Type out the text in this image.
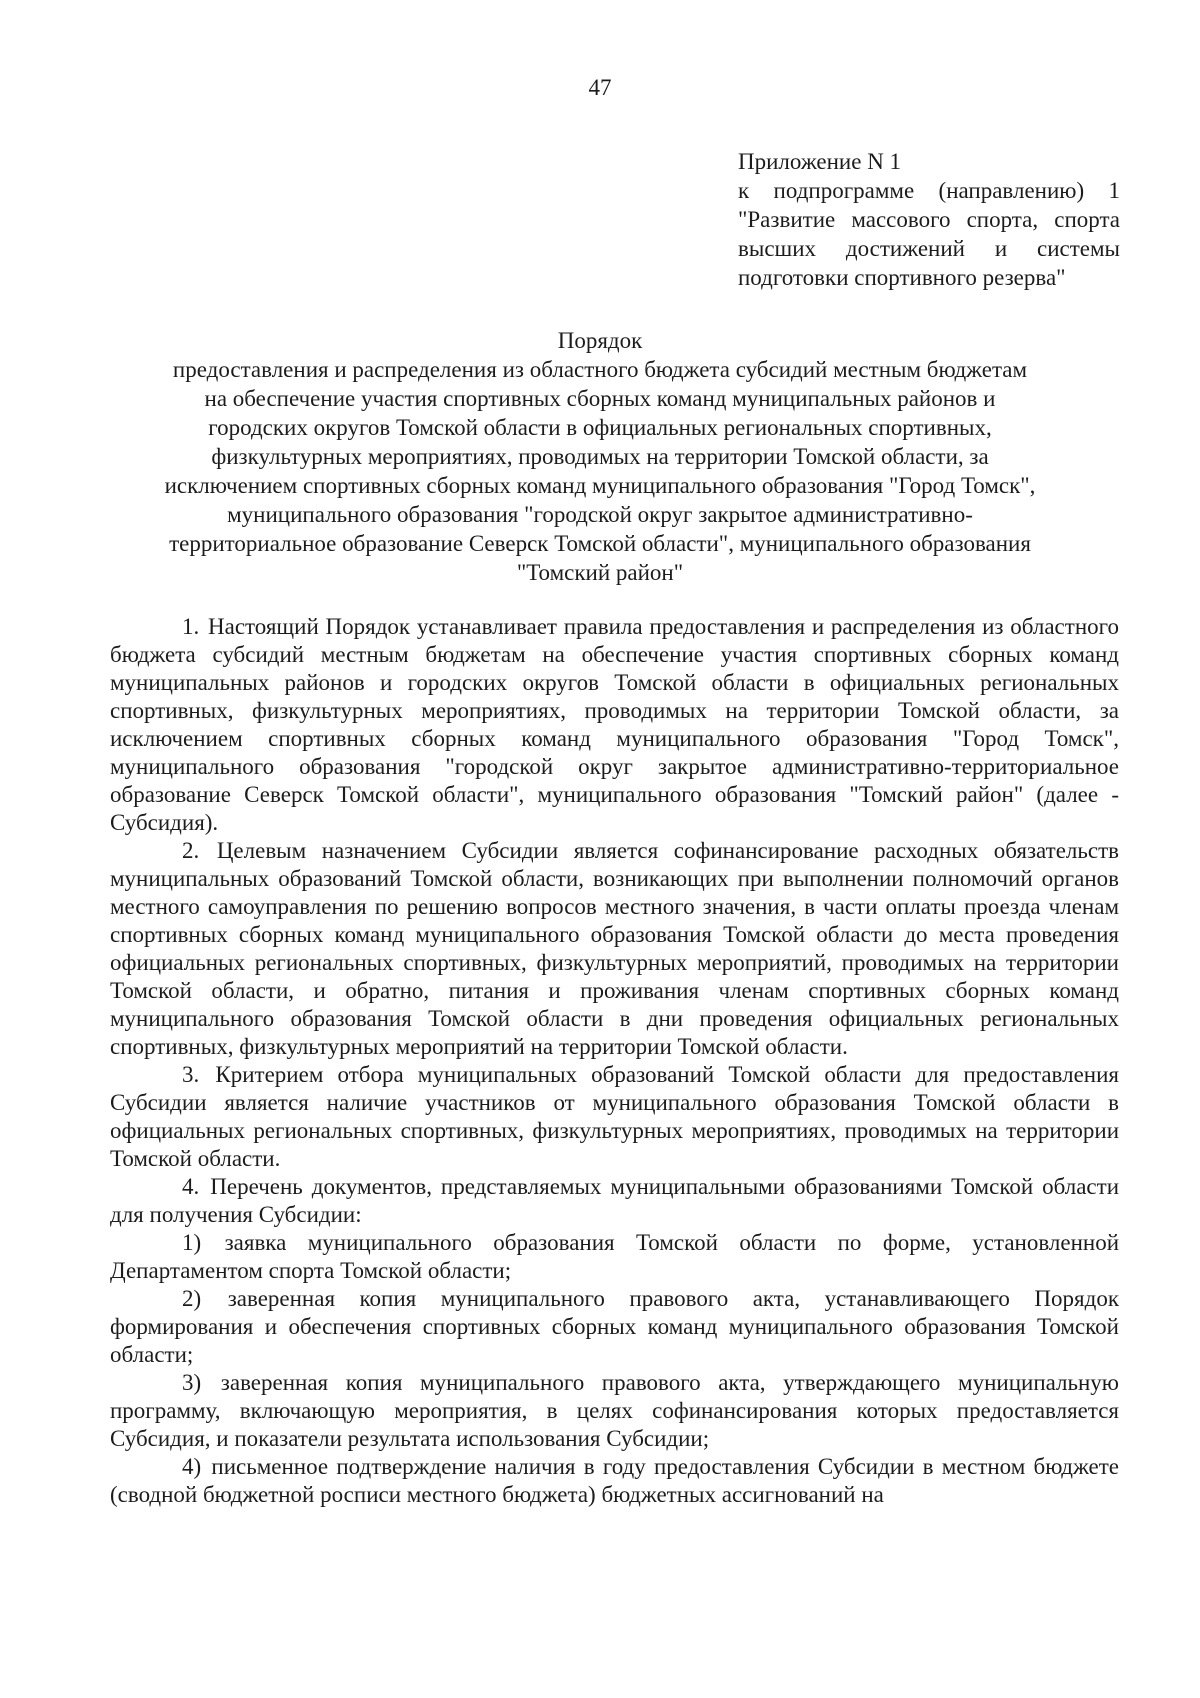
47
Приложение N 1
к подпрограмме (направлению) 1
"Развитие массового спорта, спорта
высших достижений и системы
подготовки спортивного резерва"
Порядок
предоставления и распределения из областного бюджета субсидий местным бюджетам
на обеспечение участия спортивных сборных команд муниципальных районов и
городских округов Томской области в официальных региональных спортивных,
физкультурных мероприятиях, проводимых на территории Томской области, за
исключением спортивных сборных команд муниципального образования "Город Томск",
муниципального образования "городской округ закрытое административно-
территориальное образование Северск Томской области", муниципального образования
"Томский район"

1. Настоящий Порядок устанавливает правила предоставления и распределения из областного бюджета субсидий местным бюджетам на обеспечение участия спортивных сборных команд муниципальных районов и городских округов Томской области в официальных региональных спортивных, физкультурных мероприятиях, проводимых на территории Томской области, за исключением спортивных сборных команд муниципального образования "Город Томск", муниципального образования "городской округ закрытое административно-территориальное образование Северск Томской области", муниципального образования "Томский район" (далее - Субсидия).

2. Целевым назначением Субсидии является софинансирование расходных обязательств муниципальных образований Томской области, возникающих при выполнении полномочий органов местного самоуправления по решению вопросов местного значения, в части оплаты проезда членам спортивных сборных команд муниципального образования Томской области до места проведения официальных региональных спортивных, физкультурных мероприятий, проводимых на территории Томской области, и обратно, питания и проживания членам спортивных сборных команд муниципального образования Томской области в дни проведения официальных региональных спортивных, физкультурных мероприятий на территории Томской области.

3. Критерием отбора муниципальных образований Томской области для предоставления Субсидии является наличие участников от муниципального образования Томской области в официальных региональных спортивных, физкультурных мероприятиях, проводимых на территории Томской области.

4. Перечень документов, представляемых муниципальными образованиями Томской области для получения Субсидии:

1) заявка муниципального образования Томской области по форме, установленной Департаментом спорта Томской области;

2) заверенная копия муниципального правового акта, устанавливающего Порядок формирования и обеспечения спортивных сборных команд муниципального образования Томской области;

3) заверенная копия муниципального правового акта, утверждающего муниципальную программу, включающую мероприятия, в целях софинансирования которых предоставляется Субсидия, и показатели результата использования Субсидии;

4) письменное подтверждение наличия в году предоставления Субсидии в местном бюджете (сводной бюджетной росписи местного бюджета) бюджетных ассигнований на
